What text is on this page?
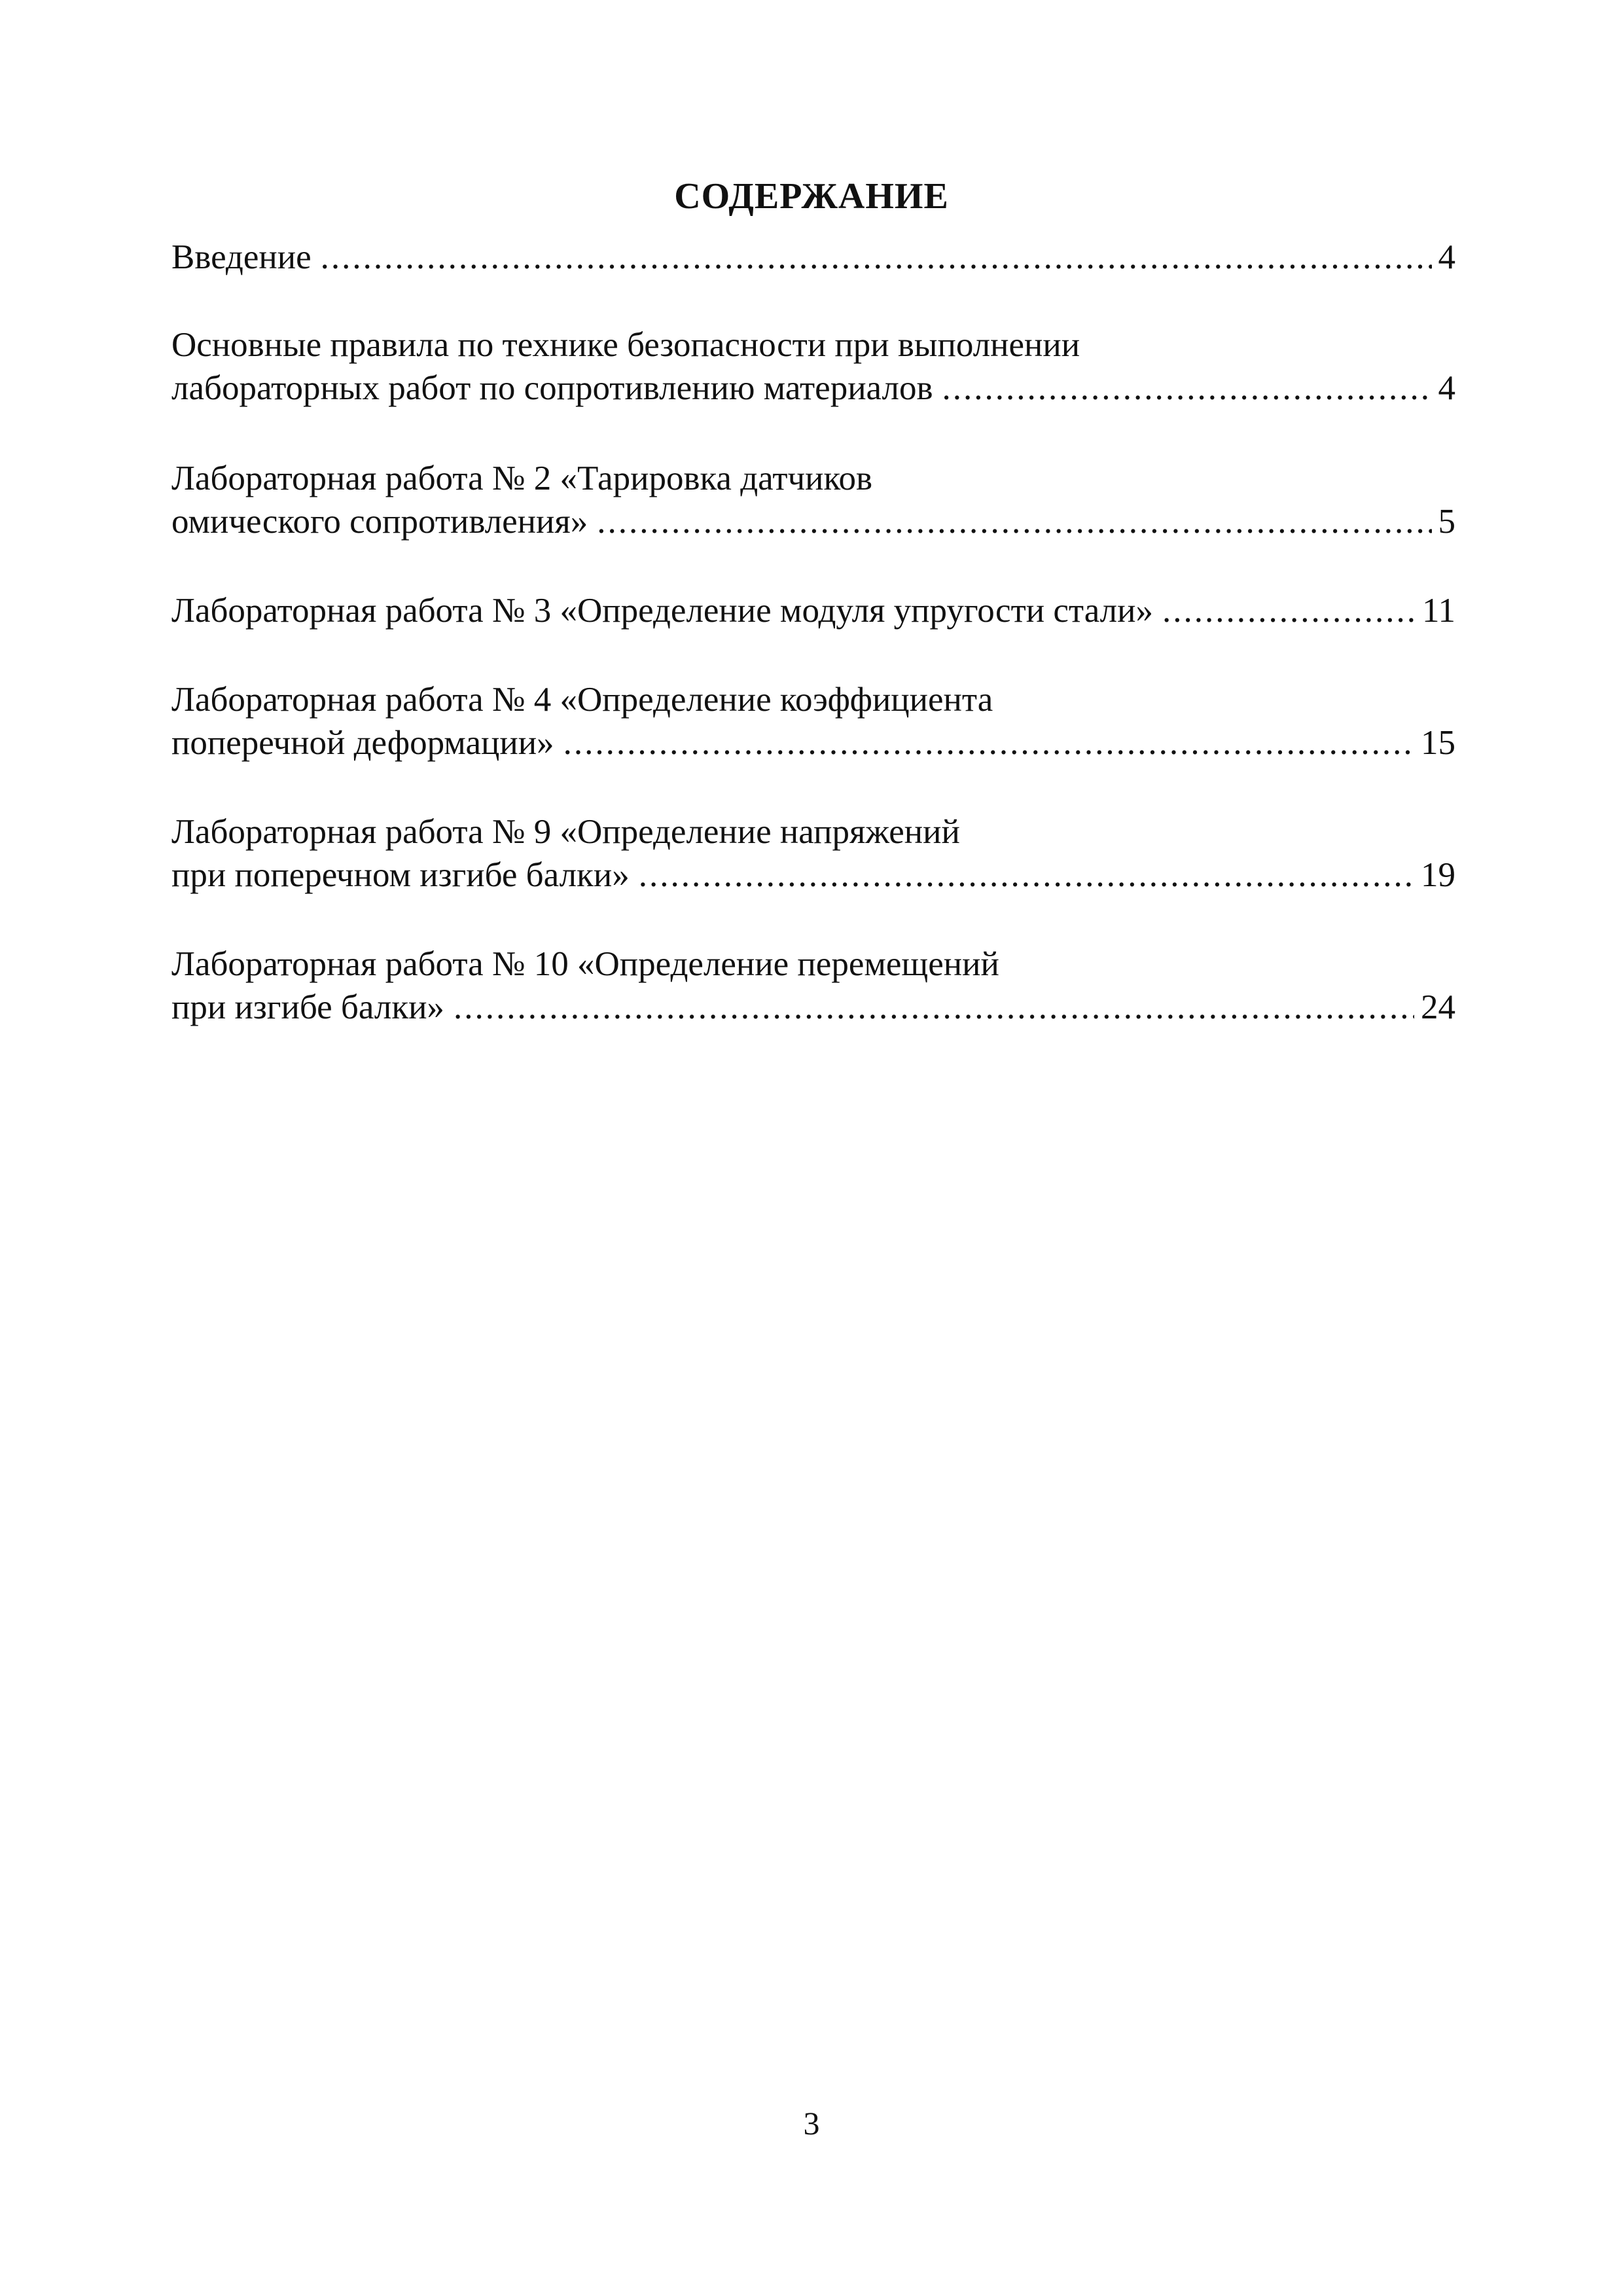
СОДЕРЖАНИЕ
Введение .....	4
Основные правила по технике безопасности при выполнении
лабораторных работ по сопротивлению материалов .....	4
Лабораторная работа № 2 «Тарировка датчиков
омического сопротивления» .....	5
Лабораторная работа № 3 «Определение модуля упругости стали» .....	11
Лабораторная работа № 4 «Определение коэффициента
поперечной деформации» .....	15
Лабораторная работа № 9 «Определение напряжений
при поперечном изгибе балки» .....	19
Лабораторная работа № 10 «Определение перемещений
при изгибе балки» .....	24
3
